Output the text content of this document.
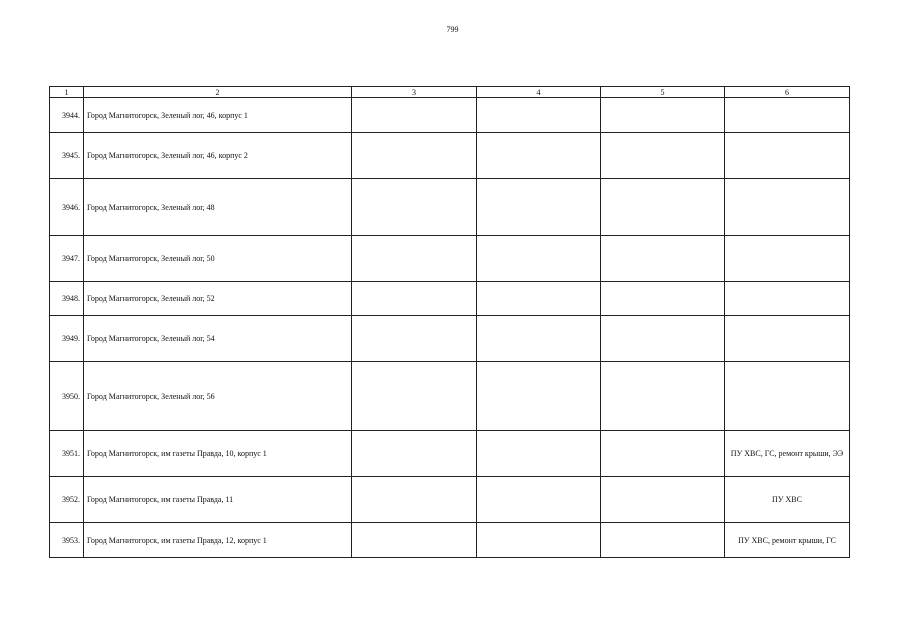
799
1	2	3	4	5	6
3944.	Город Магнитогорск, Зеленый лог, 46, корпус 1				
3945.	Город Магнитогорск, Зеленый лог, 46, корпус 2				
3946.	Город Магнитогорск, Зеленый лог, 48				
3947.	Город Магнитогорск, Зеленый лог, 50				
3948.	Город Магнитогорск, Зеленый лог, 52				
3949.	Город Магнитогорск, Зеленый лог, 54				
3950.	Город Магнитогорск, Зеленый лог, 56				
3951.	Город Магнитогорск, им газеты Правда, 10, корпус 1				ПУ ХВС, ГС, ремонт крыши, ЭЭ
3952.	Город Магнитогорск, им газеты Правда, 11				ПУ ХВС
3953.	Город Магнитогорск, им газеты Правда, 12, корпус 1				ПУ ХВС, ремонт крыши, ГС
